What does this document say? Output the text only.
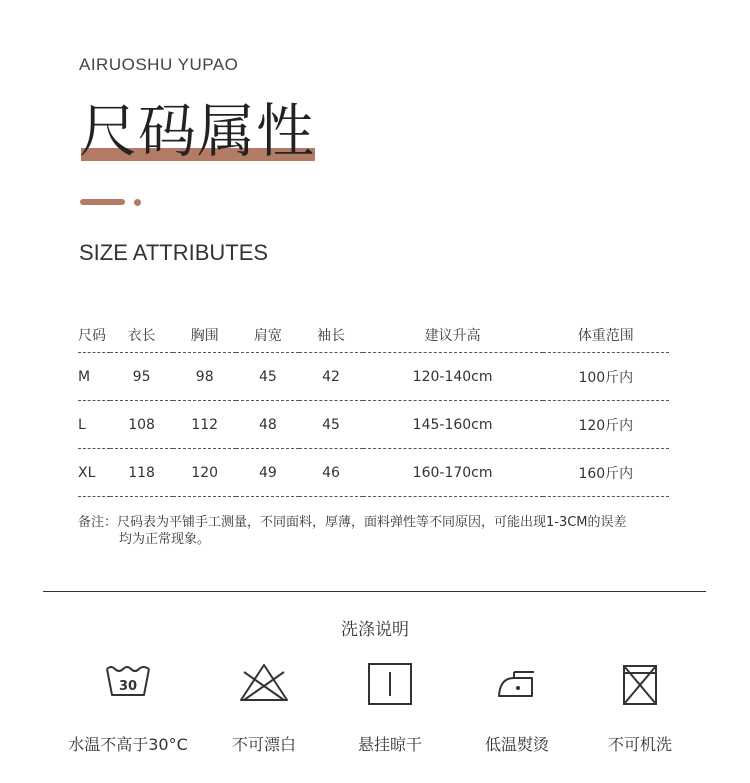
AIRUOSHU YUPAO
尺码属性
SIZE ATTRIBUTES
尺码	衣长	胸围	肩宽	袖长	建议升高	体重范围
M	95	98	45	42	120-140cm	100斤内
L	108	112	48	45	145-160cm	120斤内
XL	118	120	49	46	160-170cm	160斤内
备注：尺码表为平铺手工测量，不同面料，厚薄，面料弹性等不同原因，可能出现1-3CM的误差
均为正常现象。
洗涤说明
30
水温不高于30°C	不可漂白	悬挂晾干	低温熨烫	不可机洗
